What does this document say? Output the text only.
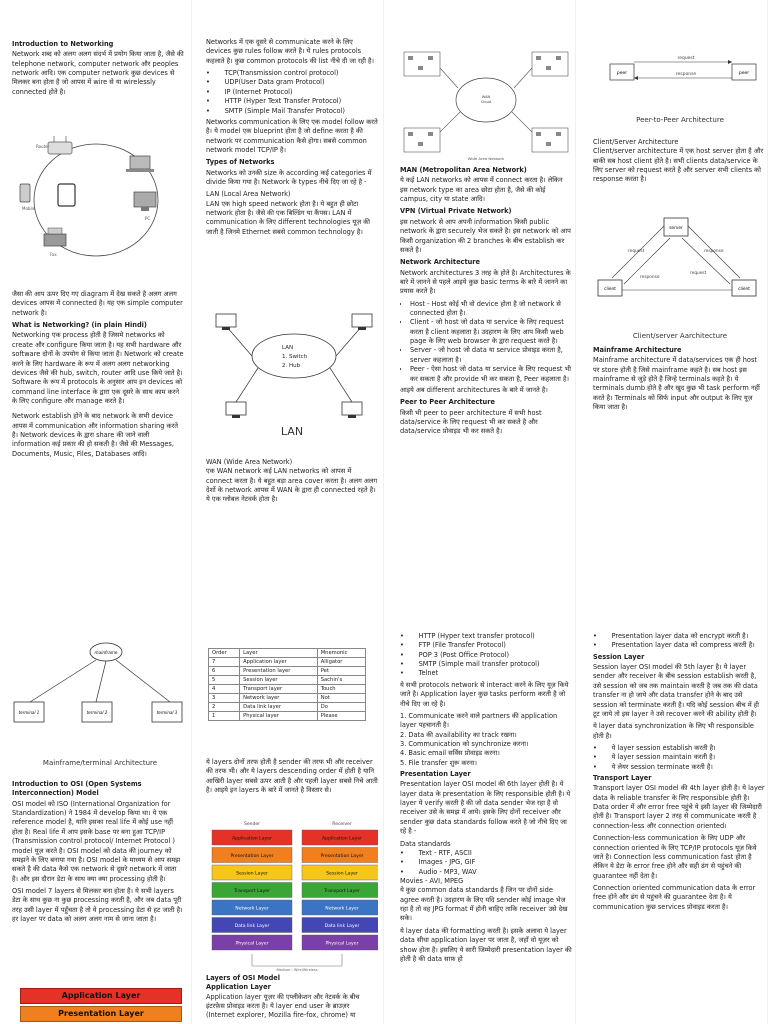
Introduction to Networking

Network शब्द को अलग अलग संदर्भ में प्रयोग किया जाता है, जैसे की telephone network, computer network और peoples network आदि। एक computer network कुछ devices से मिलकर बना होता है जो आपस में wire से या wirelessly connected होते है।

Router
Mobile
PC
Fax

जैसा की आप ऊपर दिए गए diagram में देख सकते है अलग अलग devices आपस में connected है। यह एक simple computer network है।

What is Networking? (in plain Hindi)

Networking एक process होती है जिसमे networks को create और configure किया जाता है। यह सभी hardware और software दोनों के उपयोग से किया जाता है। Network को create करने के लिए hardware के रूप में अलग अलग networking devices जैसे की hub, switch, router आदि use किये जाते है। Software के रूप में protocols के अनुसार आप इन devices को command line interface के द्वारा एक दूसरे के साथ काम करने के लिए configure और manage करते है।

Network establish होने के बाद network के सभी device आपस में communication और information sharing करते है। Network devices के द्वारा share की जाने वाली information कई प्रकार की हो सकती है। जैसे की Messages, Documents, Music, Files, Databases आदि।

Networks में एक दूसरे से communicate करने के लिए devices कुछ rules follow करते है। ये rules protocols कहलाते है। कुछ common protocols की list नीचे दी जा रही है।

•       TCP(Transmission control protocol)
•       UDP(User Data gram Protocol)
•       IP (Internet Protocol)
•       HTTP (Hyper Text Transfer Protocol)
•       SMTP (Simple Mail Transfer Protocol)

Networks communication के लिए एक model follow करते है। ये model एक blueprint होता है जो define करता है की network पर communication कैसे होगा। सबसे common network model TCP/IP है।

Types of Networks

Networks को उनकी size के according कई categories में divide किया गया है। Network के types नीचे दिए जा रहे है -

LAN (Local Area Network)

LAN एक high speed network होता है। ये बहुत ही छोटा network होता है। जैसे की एक बिल्डिंग या कैंपस। LAN में communication के लिए different technologies यूज़ की जाती है जिनमे Ethernet सबसे common technology है।

LAN
1. Switch
2. Hub
LAN

WAN (Wide Area Network)

एक WAN network कई LAN networks को आपस में connect करता है। ये बहुत बड़ा area cover करता है। अलग अलग देशों के network आपस में WAN के द्वारा ही connected रहते है। ये एक ग्लोबल नेटवर्क होता है।

WAN
Cloud
Wide Area Network

MAN (Metropolitan Area Network)

ये कई LAN networks को आपस में connect करता है। लेकिन इस network type का area छोटा होता है, जैसे की कोई campus, city या state आदि।

VPN (Virtual Private Network)

इस network से आप अपनी information किसी public network के द्वारा securely भेज सकते है। इस network को आप किसी organization की 2 branches के बीच establish कर सकते है।

Network Architecture

Network architectures 3 तरह के होते है। Architectures के बारे में जानने से पहले आइये कुछ basic terms के बारे में जानने का प्रयास करते है।

• Host - Host कोई भी वो device होता है जो network से connected होता है।
• Client - जो host जो data या service के लिए request करता है client कहलाता है। उदहारण के लिए आप किसी web page के लिए web browser के द्वारा request करते है।
• Server - जो host जो data या service प्रोवाइड करता है, server कहलाता है।
• Peer - ऐसा host जो data या service के लिए request भी कर सकता है और provide भी कर सकता है, Peer कहलाता है।

आइये अब different architectures के बारे में जानते है।

Peer to Peer Architecture

किसी भी peer to peer architecture में सभी host data/service के लिए request भी कर सकते है और data/service प्रोवाइड भी कर सकते है।

peer	peer
request
response
Peer-to-Peer Architecture

Client/Server Architecture

Client/server architecture में एक host server होता है और बाकी सब host client होते है। सभी clients data/service के लिए server को request करते है और server सभी clients को response करता है।

server
client	client
request	response
response
request
Client/server Aarchitecture

Mainframe Architecture

Mainframe architecture में data/services एक ही host पर store होती है जिसे mainframe कहते है। सब host इस mainframe से जुड़े होते है जिन्हे terminals कहते है। ये terminals dumb होते है और खुद कुछ भी task perform नहीं करते है। Terminals को सिर्फ input और output के लिए यूज़ किया जाता है।

mainframe
terminal 1	terminal 2	terminal 3
Mainframe/terminal Architecture

Introduction to OSI (Open Systems Interconnection) Model

OSI model को ISO (International Organization for Standardization) ने 1984 में develop किया था। ये एक reference model है, यानि इसका real life में कोई use नहीं होता है। Real life में आप इसके base पर बना हुआ TCP/IP (Transmission control protocol/ Internet Protocol ) model यूज़ करते है। OSI model को data की journey को समझने के लिए बनाया गया है। OSI model के माध्यम से आप समझ सकते है की data कैसे एक network से दूसरे network में जाता है। और इस दौरान डेटा के साथ क्या क्या processing होती है।

OSI model 7 layers से मिलकर बना होता है। ये सभी layers डेटा के साथ कुछ ना कुछ processing करती है, और जब data पूरी तरह उसी layer में पहुँचता है तो ये processing डेटा से हट जाती है। हर layer पर data को अलग अलग नाम से जाना जाता है।

Application Layer
Presentation Layer
Order	Layer	Mnemonic
7	Application layer	Alligator
6	Presentation layer	Pet
5	Session layer	Sachin's
4	Transport layer	Touch
3	Network layer	Not
2	Data link layer	Do
1	Physical layer	Please

ये layers दोनों तरफ होती है sender की तरफ भी और receiver की तरफ भी। और ये layers descending order में होती है यानि आखिरी layer सबसे ऊपर आती है और पहली layer सबसे निचे आती है। आइये इन layers के बारे में जानते है विस्तार से।

Sender	Receiver
Application Layer
Presentation Layer
Session Layer
Transport Layer
Network Layer
Data link Layer
Physical Layer
Application Layer
Presentation Layer
Session Layer
Transport Layer
Network Layer
Data link Layer
Physical Layer
Medium : Wire/Wireless

Layers of OSI Model

Application Layer

Application layer यूज़र की एप्लीकेशन और नेटवर्क के बीच इंटरफ़ेस प्रोवाइड करता है। ये layer end user के ब्राउज़र (Internet explorer, Mozilla fire-fox, chrome) या

•       HTTP (Hyper text transfer protocol)
•       FTP (File Transfer Protocol)
•       POP 3 (Post Office Protocol)
•       SMTP (Simple mail transfer protocol)
•       Telnet

ये सभी protocols network से interact करने के लिए यूज़ किये जाते है। Application layer कुछ tasks perform करती है जो नीचे दिए जा रहे है।

1. Communicate करने वाले partners की application layer पहचानती है।

2. Data की availability का track रखना।

3. Communication को synchronize करना।

4. Basic email सर्विस प्रोवाइड करना।

5. File transfer शुरू करना।

Presentation Layer

Presentation layer OSI model की 6th layer होती है। ये layer data के presentation के लिए responsible होती है। ये layer ये verify करती है की जो data sender भेज रहा है वो receiver उसे के समझ में आये। इसके लिए दोनों receiver और sender कुछ data standards follow करते है जो नीचे दिए जा रहे है -

Data standards

•       Text - RTF, ASCII
•       Images - JPG, GIF
•       Audio - MP3, WAV

Movies - AVI, MPEG

ये कुछ common data standards है जिन पर दोनों side agree करती है। उदहारण के लिए यदि sender कोई image भेज रहा है तो वह JPG format में होनी चाहिए ताकि receiver उसे देख सके।

ये layer data की formatting करती है। इसके अलावा ये layer data सीधा application layer पर जाता है, जहाँ वो यूज़र को show होता है। इसलिए ये सारी जिम्मेदारी presentation layer की होती है की data साफ़ हो

•       Presentation layer data को encrypt करती है।
•       Presentation layer data को compress करती है।

Session Layer

Session layer OSI model की 5th layer है। ये layer sender और receiver के बीच session establish करती है, उसे session को जब तक maintain करती है जब तक की data transfer ना हो जाये और data transfer होने के बाद उसे session को terminate करती है। यदि कोई session बीच में ही टूट जाये तो इस layer ने उसे recover करने की ability होती है।

ये layer data synchronization के लिए भी responsible होती है।

•       ये layer session establish करती है।
•       ये layer session maintain करती है।
•       ये लेयर session terminate करती है।

Transport Layer

Transport layer OSI model की 4th layer होती है। ये layer data के reliable transfer के लिए responsible होती है। Data order में और error free पहुंचे ये इसी layer की जिम्मेदारी होती है। Transport layer 2 तरह से communicate करती है connection-less और connection oriented।

Connection-less communication के लिए UDP और connection oriented के लिए TCP/IP protocols यूज़ किये जाते है। Connection less communication fast होता है लेकिन ये डेटा के error free होने और सही ढंग से पहुंचने की guarantee नहीं देता है।

Connection oriented communication data के error free होने और ढंग से पहुंचने की guarantee देता है। ये communication कुछ services प्रोवाइड करता है।
